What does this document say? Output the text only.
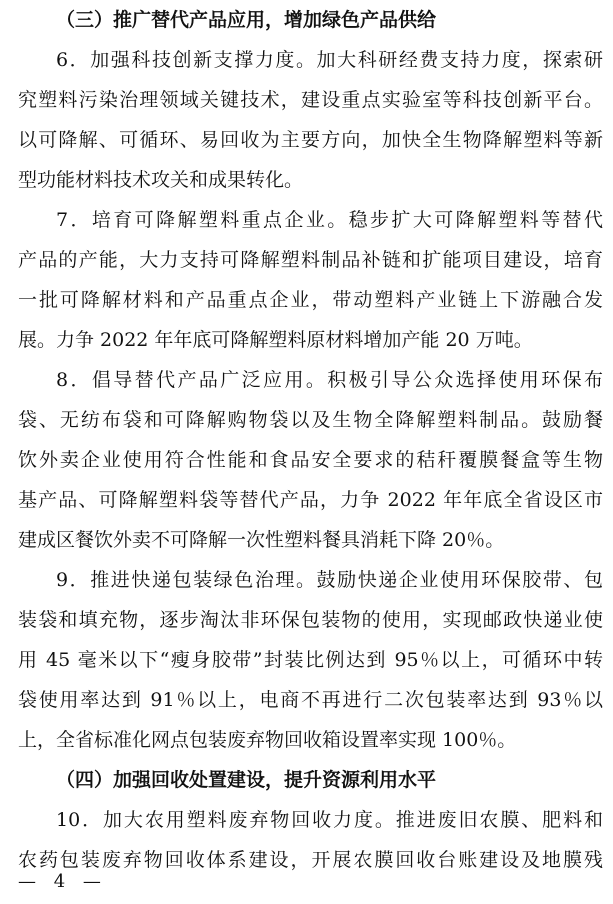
（三）推广替代产品应用，增加绿色产品供给
6．加强科技创新支撑力度。加大科研经费支持力度，探索研
究塑料污染治理领域关键技术，建设重点实验室等科技创新平台。
以可降解、可循环、易回收为主要方向，加快全生物降解塑料等新
型功能材料技术攻关和成果转化。
7．培育可降解塑料重点企业。稳步扩大可降解塑料等替代
产品的产能，大力支持可降解塑料制品补链和扩能项目建设，培育
一批可降解材料和产品重点企业，带动塑料产业链上下游融合发
展。力争 2022 年年底可降解塑料原材料增加产能 20 万吨。
8．倡导替代产品广泛应用。积极引导公众选择使用环保布
袋、无纺布袋和可降解购物袋以及生物全降解塑料制品。鼓励餐
饮外卖企业使用符合性能和食品安全要求的秸秆覆膜餐盒等生物
基产品、可降解塑料袋等替代产品，力争 2022 年年底全省设区市
建成区餐饮外卖不可降解一次性塑料餐具消耗下降 20％。
9．推进快递包装绿色治理。鼓励快递企业使用环保胶带、包
装袋和填充物，逐步淘汰非环保包装物的使用，实现邮政快递业使
用 45 毫米以下“瘦身胶带”封装比例达到 95％以上，可循环中转
袋使用率达到 91％以上，电商不再进行二次包装率达到 93％以
上，全省标准化网点包装废弃物回收箱设置率实现 100％。
（四）加强回收处置建设，提升资源利用水平
10．加大农用塑料废弃物回收力度。推进废旧农膜、肥料和
农药包装废弃物回收体系建设，开展农膜回收台账建设及地膜残
— 4 —
